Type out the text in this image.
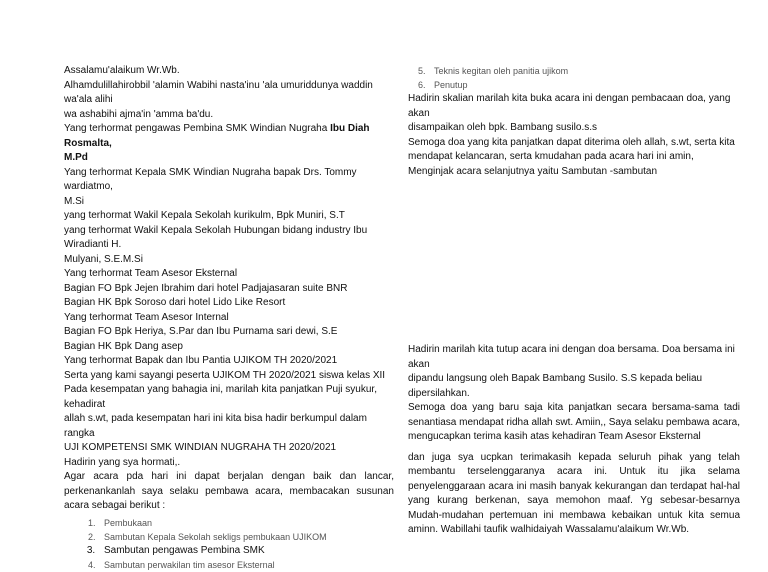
Assalamu'alaikum Wr.Wb.

Alhamdulillahirobbil 'alamin Wabihi nasta'inu 'ala umuriddunya waddin wa'ala alihi

wa ashabihi ajma'in 'amma ba'du.

Yang terhormat pengawas Pembina SMK Windian Nugraha Ibu Diah Rosmalta,

M.Pd

Yang terhormat Kepala SMK Windian Nugraha bapak Drs. Tommy wardiatmo,

M.Si

yang terhormat Wakil Kepala Sekolah kurikulm, Bpk Muniri, S.T

yang terhormat Wakil Kepala Sekolah Hubungan bidang industry Ibu Wiradianti H.

Mulyani, S.E.M.Si

Yang terhormat Team Asesor Eksternal

Bagian FO Bpk Jejen Ibrahim dari hotel Padjajasaran suite BNR

Bagian HK Bpk Soroso dari hotel Lido Like Resort

Yang terhormat Team Asesor Internal

Bagian FO Bpk Heriya, S.Par dan Ibu Purnama sari dewi, S.E

Bagian HK Bpk Dang asep

Yang terhormat Bapak dan Ibu Pantia UJIKOM TH 2020/2021

Serta yang kami sayangi peserta UJIKOM TH 2020/2021 siswa kelas XII

Pada kesempatan yang bahagia ini, marilah kita panjatkan Puji syukur, kehadirat

allah s.wt, pada kesempatan hari ini kita bisa hadir berkumpul dalam rangka

UJI KOMPETENSI SMK WINDIAN NUGRAHA TH 2020/2021

Hadirin yang sya hormati,.

Agar acara pda hari ini dapat berjalan dengan baik dan lancar, perkenankanlah saya selaku pembawa acara, membacakan susunan acara sebagai berikut :

1. Pembukaan
2. Sambutan Kepala Sekolah sekligs pembukaan UJIKOM
3. Sambutan pengawas Pembina SMK
4. Sambutan perwakilan tim asesor Eksternal
5. Teknis kegitan oleh panitia ujikom
6. Penutup

Hadirin skalian marilah kita buka acara ini dengan pembacaan doa, yang akan

disampaikan oleh bpk. Bambang susilo.s.s

Semoga doa yang kita panjatkan dapat diterima oleh allah, s.wt, serta kita

mendapat kelancaran, serta kmudahan pada acara hari ini amin,

Menginjak acara selanjutnya yaitu Sambutan -sambutan

Hadirin marilah kita tutup acara ini dengan doa bersama. Doa bersama ini akan

dipandu langsung oleh Bapak Bambang Susilo. S.S kepada beliau dipersilahkan.

Semoga doa yang baru saja kita panjatkan secara bersama-sama tadi senantiasa mendapat ridha allah swt. Amiin,, Saya selaku pembawa acara, mengucapkan terima kasih atas kehadiran Team Asesor Eksternal

dan juga sya ucpkan terimakasih kepada seluruh pihak yang telah membantu terselenggaranya acara ini. Untuk itu jika selama penyelenggaraan acara ini masih banyak kekurangan dan terdapat hal-hal yang kurang berkenan, saya memohon maaf. Yg sebesar-besarnya Mudah-mudahan pertemuan ini membawa kebaikan untuk kita semua aminn. Wabillahi taufik walhidaiyah Wassalamu'alaikum Wr.Wb.
